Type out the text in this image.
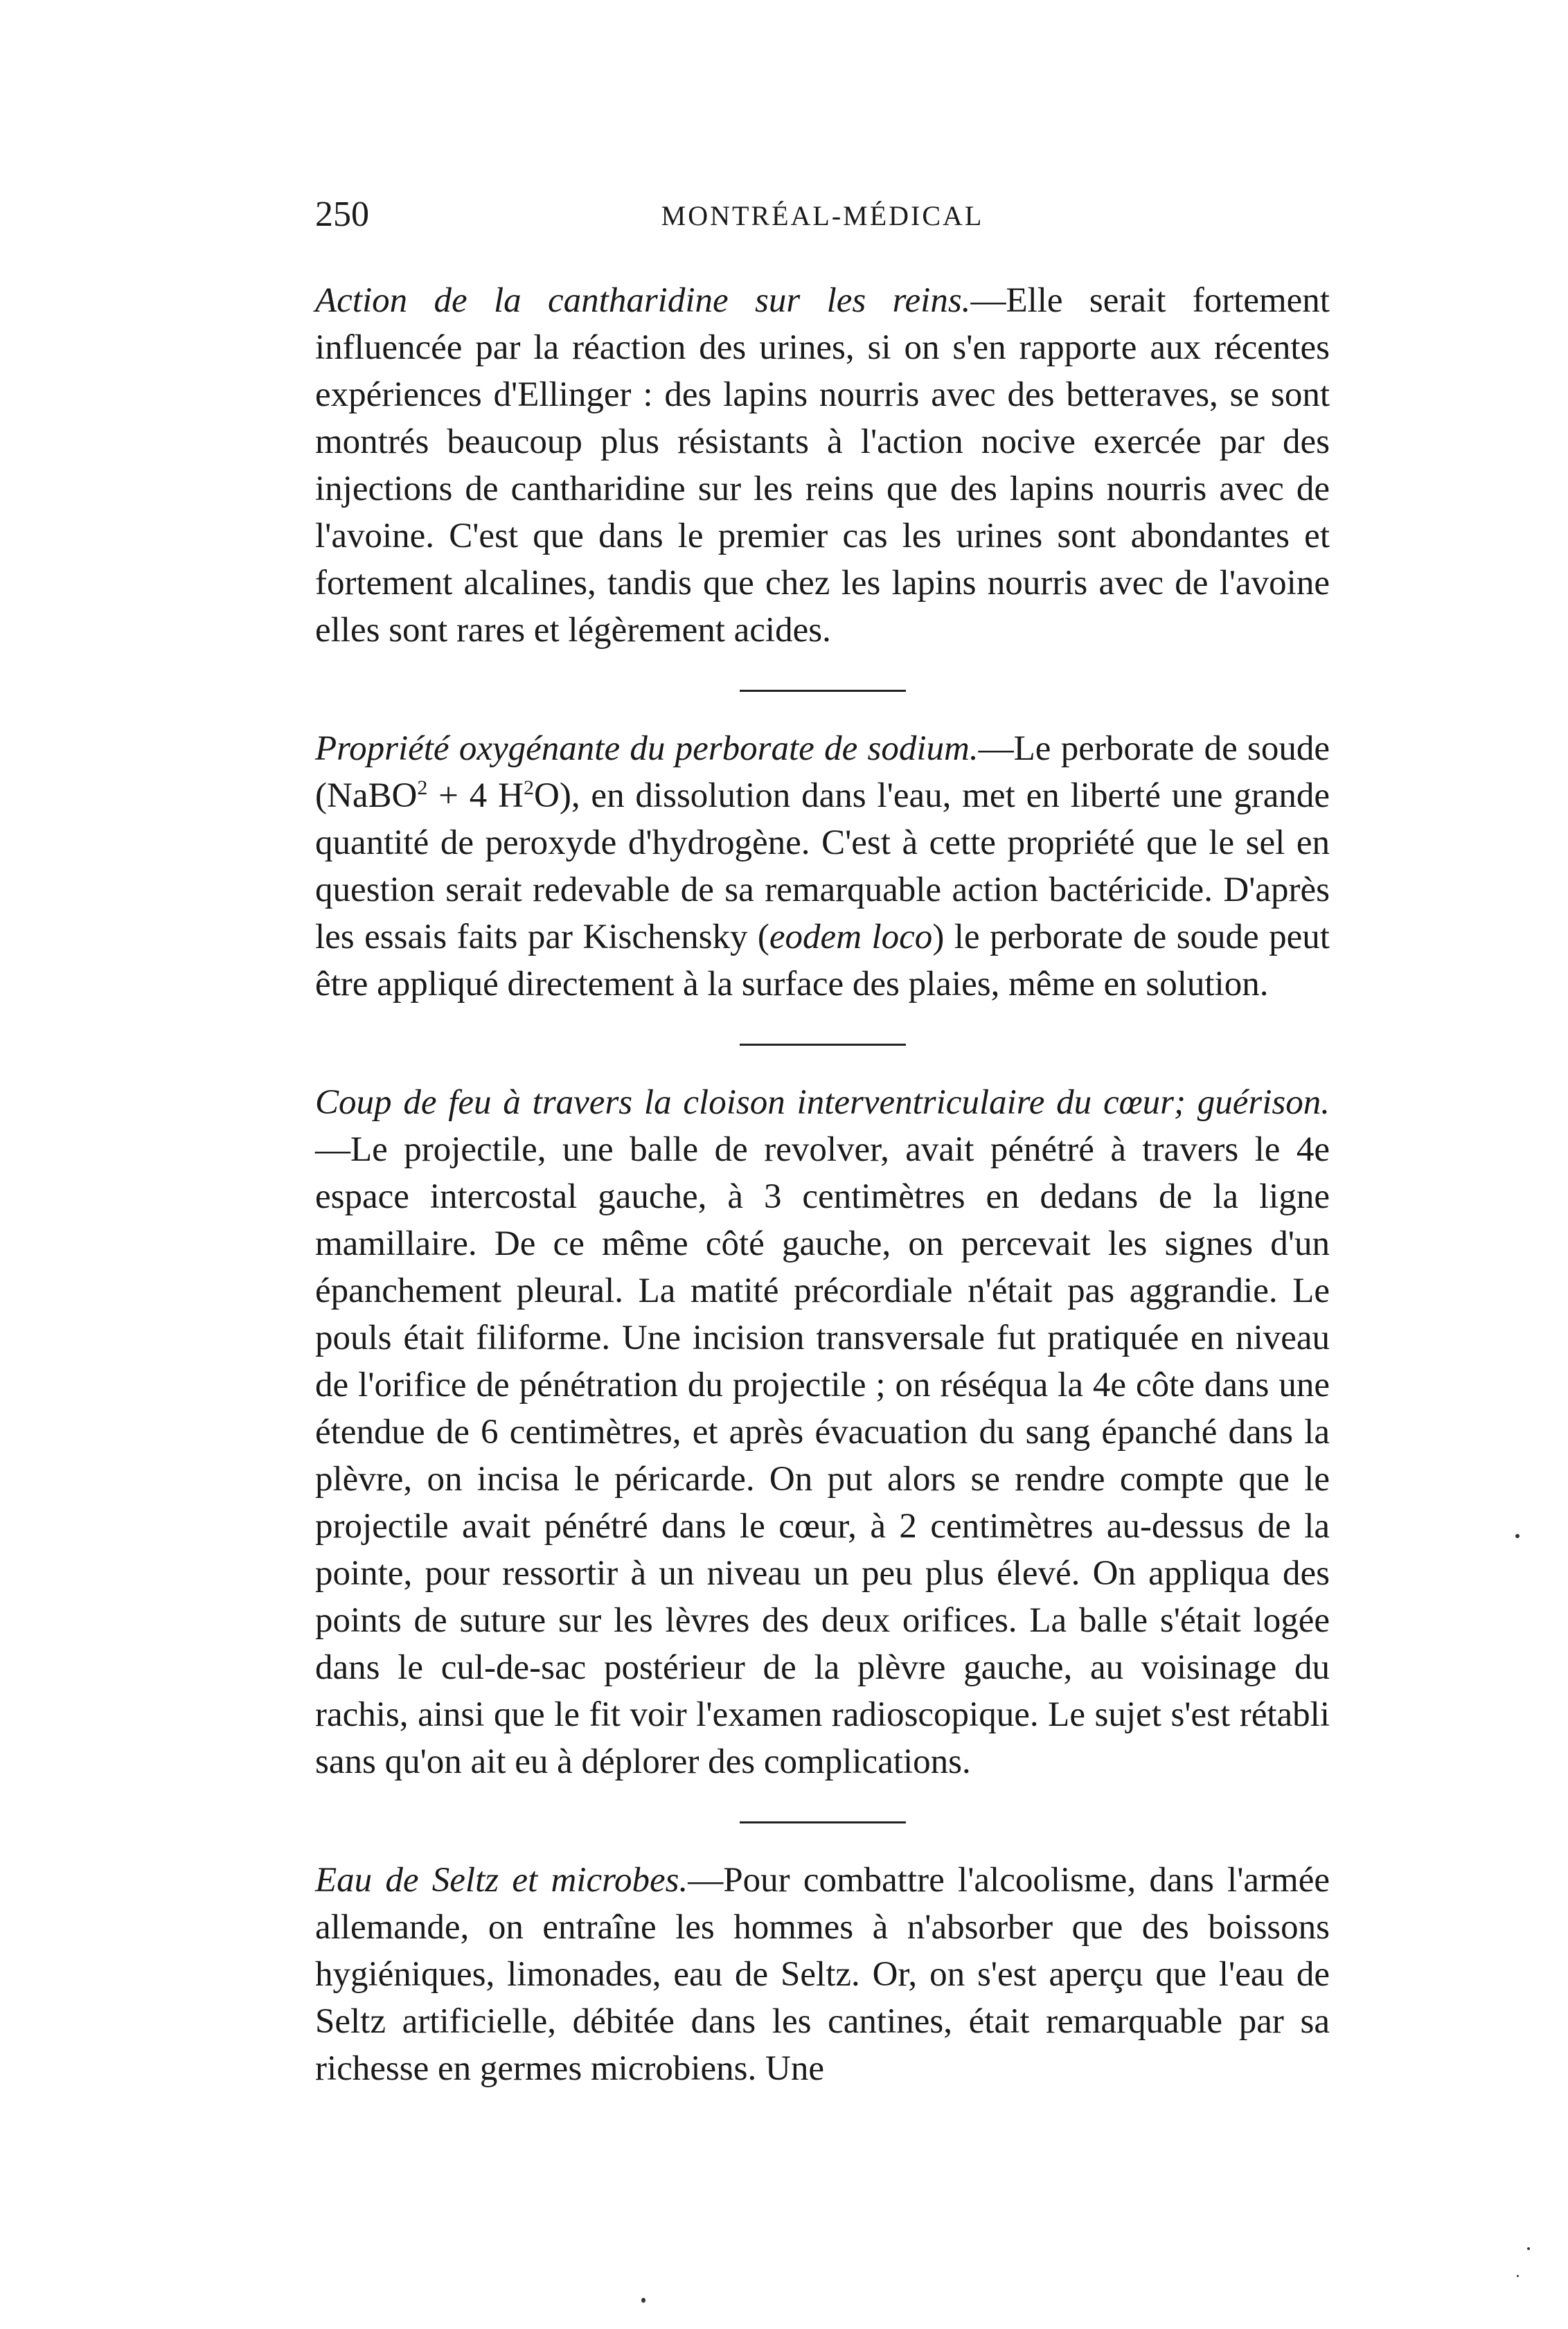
250	MONTRÉAL-MÉDICAL

Action de la cantharidine sur les reins.—Elle serait fortement influencée par la réaction des urines, si on s'en rapporte aux récentes expériences d'Ellinger : des lapins nourris avec des betteraves, se sont montrés beaucoup plus résistants à l'action nocive exercée par des injections de cantharidine sur les reins que des lapins nourris avec de l'avoine. C'est que dans le premier cas les urines sont abondantes et fortement alcalines, tandis que chez les lapins nourris avec de l'avoine elles sont rares et légèrement acides.

Propriété oxygénante du perborate de sodium.—Le perborate de soude (NaBO$^2$ + 4 $H^2O$), en dissolution dans l'eau, met en liberté une grande quantité de peroxyde d'hydrogène. C'est à cette propriété que le sel en question serait redevable de sa remarquable action bactéricide. D'après les essais faits par Kischensky (eodem loco) le perborate de soude peut être appliqué directement à la surface des plaies, même en solution.

Coup de feu à travers la cloison interventriculaire du cœur; guérison.—Le projectile, une balle de revolver, avait pénétré à travers le 4e espace intercostal gauche, à 3 centimètres en dedans de la ligne mamillaire. De ce même côté gauche, on percevait les signes d'un épanchement pleural. La matité précordiale n'était pas aggrandie. Le pouls était filiforme. Une incision transversale fut pratiquée en niveau de l'orifice de pénétration du projectile ; on réséqua la 4e côte dans une étendue de 6 centimètres, et après évacuation du sang épanché dans la plèvre, on incisa le péricarde. On put alors se rendre compte que le projectile avait pénétré dans le cœur, à 2 centimètres au-dessus de la pointe, pour ressortir à un niveau un peu plus élevé. On appliqua des points de suture sur les lèvres des deux orifices. La balle s'était logée dans le cul-de-sac postérieur de la plèvre gauche, au voisinage du rachis, ainsi que le fit voir l'examen radioscopique. Le sujet s'est rétabli sans qu'on ait eu à déplorer des complications.

Eau de Seltz et microbes.—Pour combattre l'alcoolisme, dans l'armée allemande, on entraîne les hommes à n'absorber que des boissons hygiéniques, limonades, eau de Seltz. Or, on s'est aperçu que l'eau de Seltz artificielle, débitée dans les cantines, était remarquable par sa richesse en germes microbiens. Une
